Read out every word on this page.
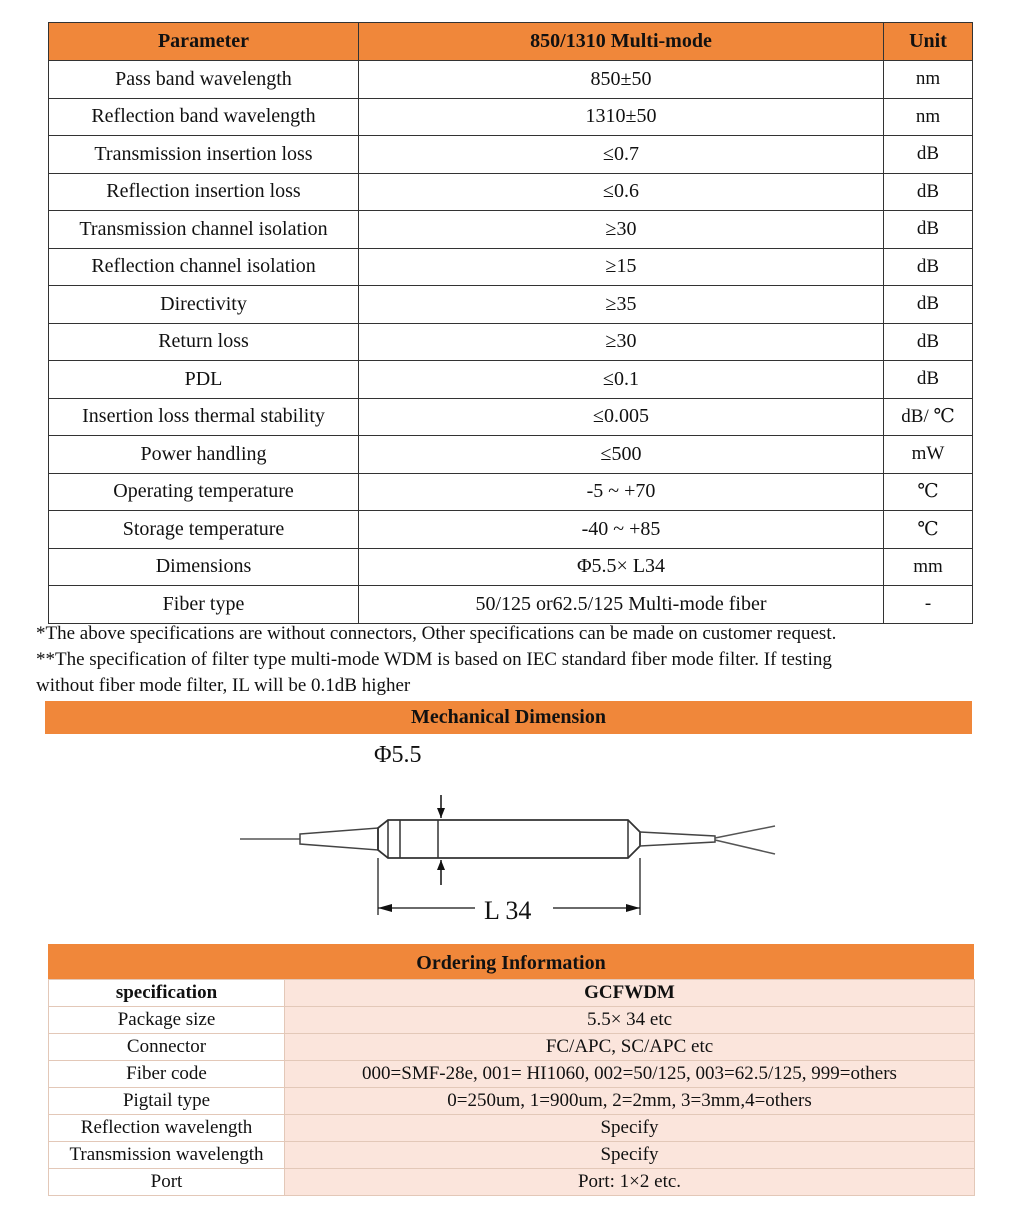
Parameter	850/1310 Multi-mode	Unit
Pass band wavelength	850±50	nm
Reflection band wavelength	1310±50	nm
Transmission insertion loss	≤0.7	dB
Reflection insertion loss	≤0.6	dB
Transmission channel isolation	≥30	dB
Reflection channel isolation	≥15	dB
Directivity	≥35	dB
Return loss	≥30	dB
PDL	≤0.1	dB
Insertion loss thermal stability	≤0.005	dB/ ℃
Power handling	≤500	mW
Operating temperature	-5 ~ +70	℃
Storage temperature	-40 ~ +85	℃
Dimensions	Φ5.5× L34	mm
Fiber type	50/125 or62.5/125 Multi-mode fiber	-
*The above specifications are without connectors, Other specifications can be made on customer request.
**The specification of filter type multi-mode WDM is based on IEC standard fiber mode filter. If testing
without fiber mode filter, IL will be 0.1dB higher
Mechanical Dimension
Φ5.5
L 34
Ordering Information
specification	GCFWDM
Package size	5.5× 34 etc
Connector	FC/APC, SC/APC etc
Fiber code	000=SMF-28e, 001= HI1060, 002=50/125, 003=62.5/125, 999=others
Pigtail type	0=250um, 1=900um, 2=2mm, 3=3mm,4=others
Reflection wavelength	Specify
Transmission wavelength	Specify
Port	Port: 1×2 etc.
